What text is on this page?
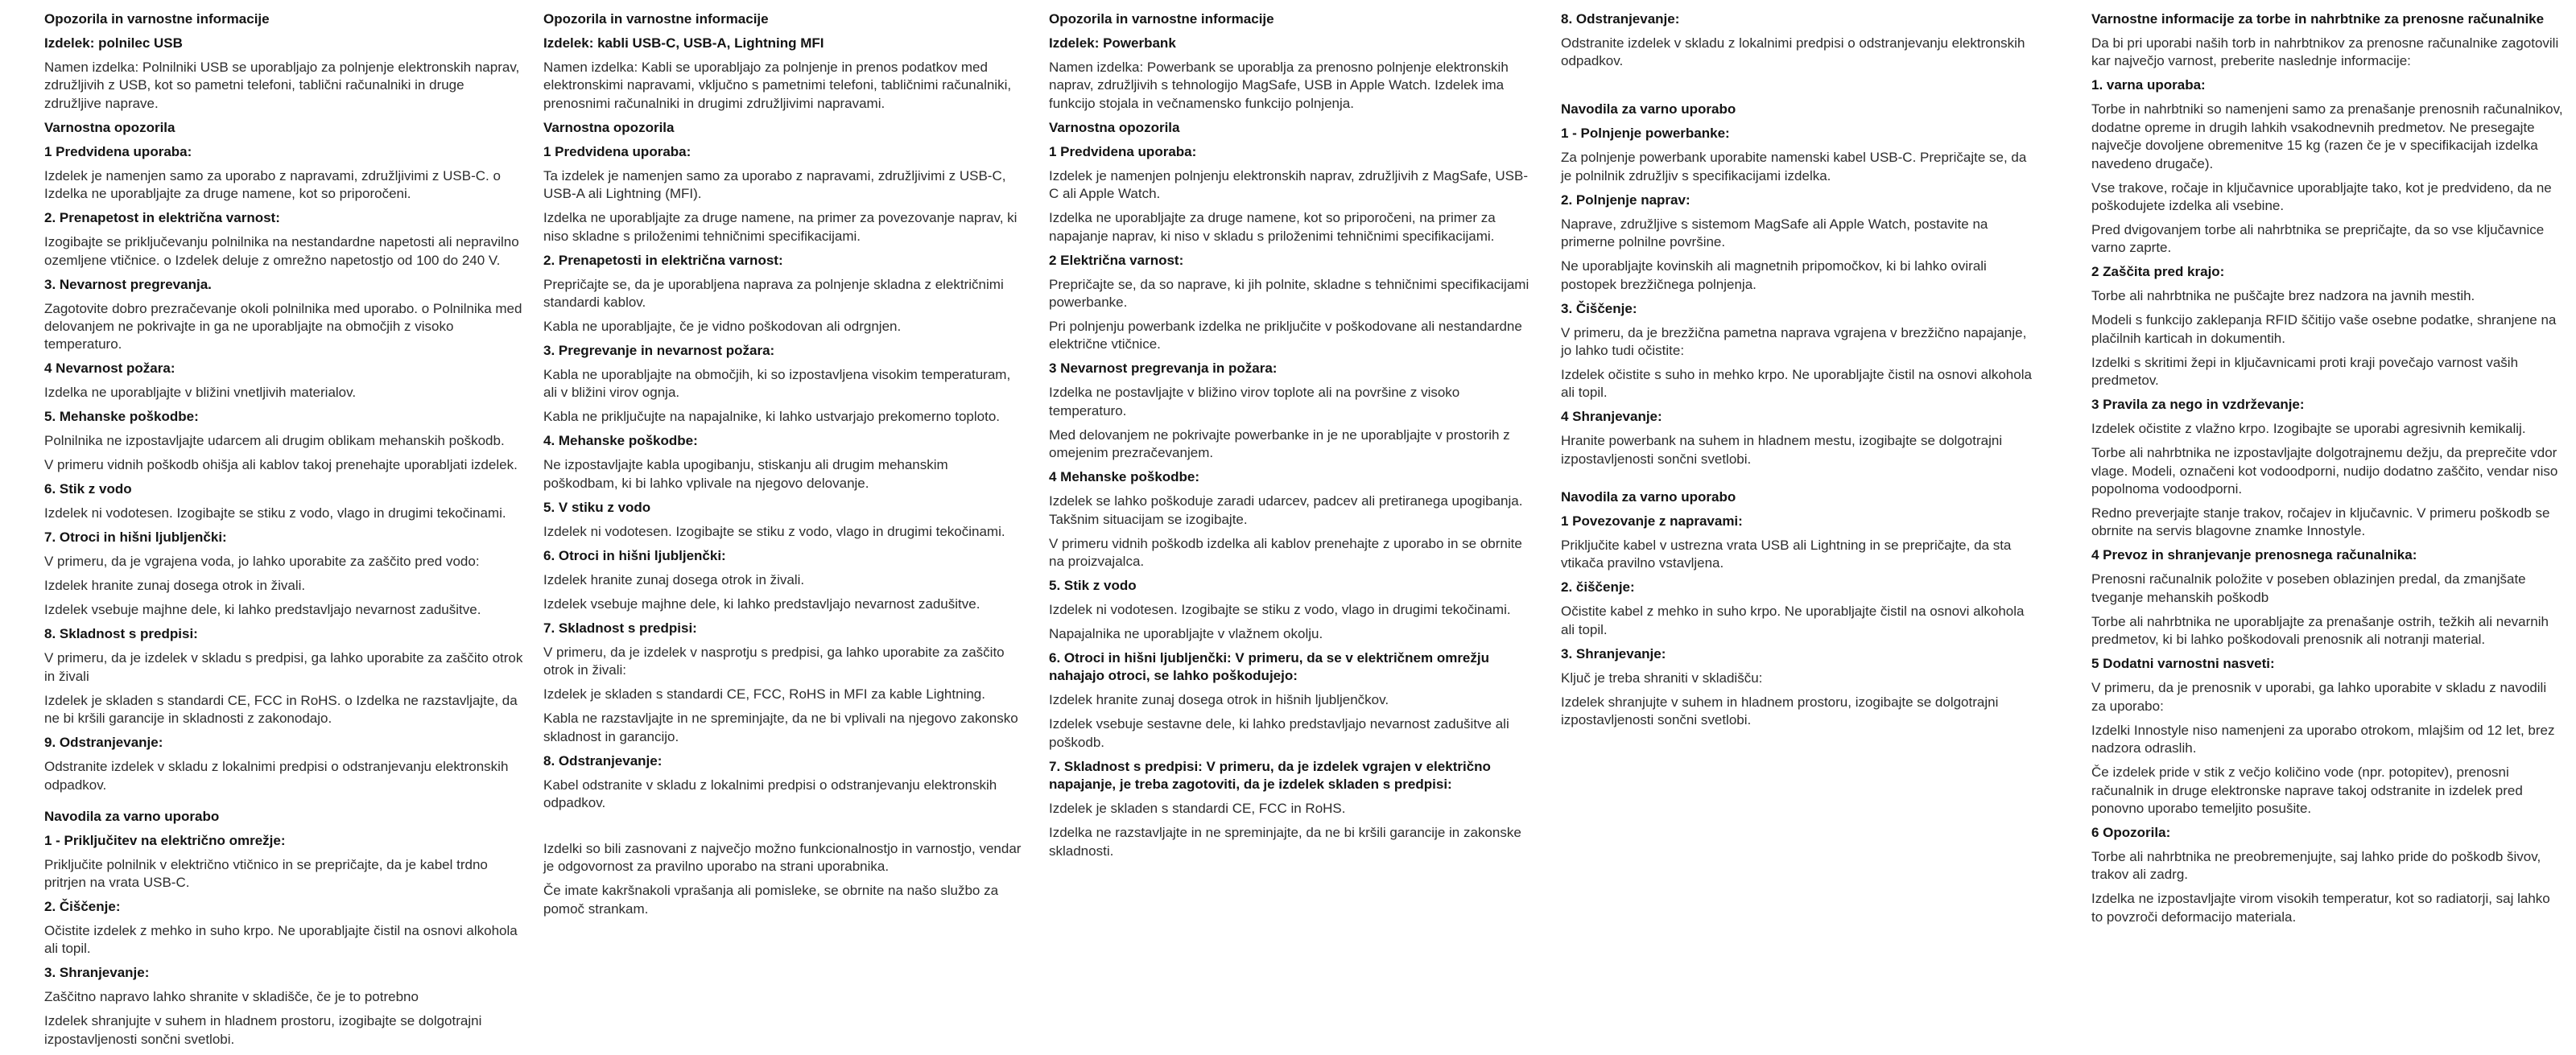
Opozorila in varnostne informacije

Izdelek: polnilec USB

Namen izdelka: Polnilniki USB se uporabljajo za polnjenje elektronskih naprav, združljivih z USB, kot so pametni telefoni, tablični računalniki in druge združljive naprave.

Varnostna opozorila

1 Predvidena uporaba:

Izdelek je namenjen samo za uporabo z napravami, združljivimi z USB-C. o Izdelka ne uporabljajte za druge namene, kot so priporočeni.

2. Prenapetost in električna varnost:

Izogibajte se priključevanju polnilnika na nestandardne napetosti ali nepravilno ozemljene vtičnice. o Izdelek deluje z omrežno napetostjo od 100 do 240 V.

3. Nevarnost pregrevanja.

Zagotovite dobro prezračevanje okoli polnilnika med uporabo. o Polnilnika med delovanjem ne pokrivajte in ga ne uporabljajte na območjih z visoko temperaturo.

4 Nevarnost požara:

Izdelka ne uporabljajte v bližini vnetljivih materialov.

5. Mehanske poškodbe:

Polnilnika ne izpostavljajte udarcem ali drugim oblikam mehanskih poškodb.

V primeru vidnih poškodb ohišja ali kablov takoj prenehajte uporabljati izdelek.

6. Stik z vodo

Izdelek ni vodotesen. Izogibajte se stiku z vodo, vlago in drugimi tekočinami.

7. Otroci in hišni ljubljenčki:

V primeru, da je vgrajena voda, jo lahko uporabite za zaščito pred vodo:

Izdelek hranite zunaj dosega otrok in živali.

Izdelek vsebuje majhne dele, ki lahko predstavljajo nevarnost zadušitve.

8. Skladnost s predpisi:

V primeru, da je izdelek v skladu s predpisi, ga lahko uporabite za zaščito otrok in živali

Izdelek je skladen s standardi CE, FCC in RoHS. o Izdelka ne razstavljajte, da ne bi kršili garancije in skladnosti z zakonodajo.

9. Odstranjevanje:

Odstranite izdelek v skladu z lokalnimi predpisi o odstranjevanju elektronskih odpadkov.

Navodila za varno uporabo

1 - Priključitev na električno omrežje:

Priključite polnilnik v električno vtičnico in se prepričajte, da je kabel trdno pritrjen na vrata USB-C.

2. Čiščenje:

Očistite izdelek z mehko in suho krpo. Ne uporabljajte čistil na osnovi alkohola ali topil.

3. Shranjevanje:

Zaščitno napravo lahko shranite v skladišče, če je to potrebno

Izdelek shranjujte v suhem in hladnem prostoru, izogibajte se dolgotrajni izpostavljenosti sončni svetlobi.

Opozorila in varnostne informacije

Izdelek: kabli USB-C, USB-A, Lightning MFI

Namen izdelka: Kabli se uporabljajo za polnjenje in prenos podatkov med elektronskimi napravami, vključno s pametnimi telefoni, tabličnimi računalniki, prenosnimi računalniki in drugimi združljivimi napravami.

Varnostna opozorila

1 Predvidena uporaba:

Ta izdelek je namenjen samo za uporabo z napravami, združljivimi z USB-C, USB-A ali Lightning (MFI).

Izdelka ne uporabljajte za druge namene, na primer za povezovanje naprav, ki niso skladne s priloženimi tehničnimi specifikacijami.

2. Prenapetosti in električna varnost:

Prepričajte se, da je uporabljena naprava za polnjenje skladna z električnimi standardi kablov.

Kabla ne uporabljajte, če je vidno poškodovan ali odrgnjen.

3. Pregrevanje in nevarnost požara:

Kabla ne uporabljajte na območjih, ki so izpostavljena visokim temperaturam, ali v bližini virov ognja.

Kabla ne priključujte na napajalnike, ki lahko ustvarjajo prekomerno toploto.

4. Mehanske poškodbe:

Ne izpostavljajte kabla upogibanju, stiskanju ali drugim mehanskim poškodbam, ki bi lahko vplivale na njegovo delovanje.

5. V stiku z vodo

Izdelek ni vodotesen. Izogibajte se stiku z vodo, vlago in drugimi tekočinami.

6. Otroci in hišni ljubljenčki:

Izdelek hranite zunaj dosega otrok in živali.

Izdelek vsebuje majhne dele, ki lahko predstavljajo nevarnost zadušitve.

7. Skladnost s predpisi:

V primeru, da je izdelek v nasprotju s predpisi, ga lahko uporabite za zaščito otrok in živali:

Izdelek je skladen s standardi CE, FCC, RoHS in MFI za kable Lightning.

Kabla ne razstavljajte in ne spreminjajte, da ne bi vplivali na njegovo zakonsko skladnost in garancijo.

8. Odstranjevanje:

Kabel odstranite v skladu z lokalnimi predpisi o odstranjevanju elektronskih odpadkov.

Izdelki so bili zasnovani z največjo možno funkcionalnostjo in varnostjo, vendar je odgovornost za pravilno uporabo na strani uporabnika.

Če imate kakršnakoli vprašanja ali pomisleke, se obrnite na našo službo za pomoč strankam.

Opozorila in varnostne informacije

Izdelek: Powerbank

Namen izdelka: Powerbank se uporablja za prenosno polnjenje elektronskih naprav, združljivih s tehnologijo MagSafe, USB in Apple Watch. Izdelek ima funkcijo stojala in večnamensko funkcijo polnjenja.

Varnostna opozorila

1 Predvidena uporaba:

Izdelek je namenjen polnjenju elektronskih naprav, združljivih z MagSafe, USB-C ali Apple Watch.

Izdelka ne uporabljajte za druge namene, kot so priporočeni, na primer za napajanje naprav, ki niso v skladu s priloženimi tehničnimi specifikacijami.

2 Električna varnost:

Prepričajte se, da so naprave, ki jih polnite, skladne s tehničnimi specifikacijami powerbanke.

Pri polnjenju powerbank izdelka ne priključite v poškodovane ali nestandardne električne vtičnice.

3 Nevarnost pregrevanja in požara:

Izdelka ne postavljajte v bližino virov toplote ali na površine z visoko temperaturo.

Med delovanjem ne pokrivajte powerbanke in je ne uporabljajte v prostorih z omejenim prezračevanjem.

4 Mehanske poškodbe:

Izdelek se lahko poškoduje zaradi udarcev, padcev ali pretiranega upogibanja. Takšnim situacijam se izogibajte.

V primeru vidnih poškodb izdelka ali kablov prenehajte z uporabo in se obrnite na proizvajalca.

5. Stik z vodo

Izdelek ni vodotesen. Izogibajte se stiku z vodo, vlago in drugimi tekočinami.

Napajalnika ne uporabljajte v vlažnem okolju.

6. Otroci in hišni ljubljenčki: V primeru, da se v električnem omrežju nahajajo otroci, se lahko poškodujejo:

Izdelek hranite zunaj dosega otrok in hišnih ljubljenčkov.

Izdelek vsebuje sestavne dele, ki lahko predstavljajo nevarnost zadušitve ali poškodb.

7. Skladnost s predpisi: V primeru, da je izdelek vgrajen v električno napajanje, je treba zagotoviti, da je izdelek skladen s predpisi:

Izdelek je skladen s standardi CE, FCC in RoHS.

Izdelka ne razstavljajte in ne spreminjajte, da ne bi kršili garancije in zakonske skladnosti.

8. Odstranjevanje:

Odstranite izdelek v skladu z lokalnimi predpisi o odstranjevanju elektronskih odpadkov.

Navodila za varno uporabo

1 - Polnjenje powerbanke:

Za polnjenje powerbank uporabite namenski kabel USB-C. Prepričajte se, da je polnilnik združljiv s specifikacijami izdelka.

2. Polnjenje naprav:

Naprave, združljive s sistemom MagSafe ali Apple Watch, postavite na primerne polnilne površine.

Ne uporabljajte kovinskih ali magnetnih pripomočkov, ki bi lahko ovirali postopek brezžičnega polnjenja.

3. Čiščenje:

V primeru, da je brezžična pametna naprava vgrajena v brezžično napajanje, jo lahko tudi očistite:

Izdelek očistite s suho in mehko krpo. Ne uporabljajte čistil na osnovi alkohola ali topil.

4 Shranjevanje:

Hranite powerbank na suhem in hladnem mestu, izogibajte se dolgotrajni izpostavljenosti sončni svetlobi.

Navodila za varno uporabo

1 Povezovanje z napravami:

Priključite kabel v ustrezna vrata USB ali Lightning in se prepričajte, da sta vtikača pravilno vstavljena.

2. čiščenje:

Očistite kabel z mehko in suho krpo. Ne uporabljajte čistil na osnovi alkohola ali topil.

3. Shranjevanje:

Ključ je treba shraniti v skladišču:

Izdelek shranjujte v suhem in hladnem prostoru, izogibajte se dolgotrajni izpostavljenosti sončni svetlobi.

Varnostne informacije za torbe in nahrbtnike za prenosne računalnike

Da bi pri uporabi naših torb in nahrbtnikov za prenosne računalnike zagotovili kar največjo varnost, preberite naslednje informacije:

1. varna uporaba:

Torbe in nahrbtniki so namenjeni samo za prenašanje prenosnih računalnikov, dodatne opreme in drugih lahkih vsakodnevnih predmetov. Ne presegajte največje dovoljene obremenitve 15 kg (razen če je v specifikacijah izdelka navedeno drugače).

Vse trakove, ročaje in ključavnice uporabljajte tako, kot je predvideno, da ne poškodujete izdelka ali vsebine.

Pred dvigovanjem torbe ali nahrbtnika se prepričajte, da so vse ključavnice varno zaprte.

2 Zaščita pred krajo:

Torbe ali nahrbtnika ne puščajte brez nadzora na javnih mestih.

Modeli s funkcijo zaklepanja RFID ščitijo vaše osebne podatke, shranjene na plačilnih karticah in dokumentih.

Izdelki s skritimi žepi in ključavnicami proti kraji povečajo varnost vaših predmetov.

3 Pravila za nego in vzdrževanje:

Izdelek očistite z vlažno krpo. Izogibajte se uporabi agresivnih kemikalij.

Torbe ali nahrbtnika ne izpostavljajte dolgotrajnemu dežju, da preprečite vdor vlage. Modeli, označeni kot vodoodporni, nudijo dodatno zaščito, vendar niso popolnoma vodoodporni.

Redno preverjajte stanje trakov, ročajev in ključavnic. V primeru poškodb se obrnite na servis blagovne znamke Innostyle.

4 Prevoz in shranjevanje prenosnega računalnika:

Prenosni računalnik položite v poseben oblazinjen predal, da zmanjšate tveganje mehanskih poškodb

Torbe ali nahrbtnika ne uporabljajte za prenašanje ostrih, težkih ali nevarnih predmetov, ki bi lahko poškodovali prenosnik ali notranji material.

5 Dodatni varnostni nasveti:

V primeru, da je prenosnik v uporabi, ga lahko uporabite v skladu z navodili za uporabo:

Izdelki Innostyle niso namenjeni za uporabo otrokom, mlajšim od 12 let, brez nadzora odraslih.

Če izdelek pride v stik z večjo količino vode (npr. potopitev), prenosni računalnik in druge elektronske naprave takoj odstranite in izdelek pred ponovno uporabo temeljito posušite.

6 Opozorila:

Torbe ali nahrbtnika ne preobremenjujte, saj lahko pride do poškodb šivov, trakov ali zadrg.

Izdelka ne izpostavljajte virom visokih temperatur, kot so radiatorji, saj lahko to povzroči deformacijo materiala.
